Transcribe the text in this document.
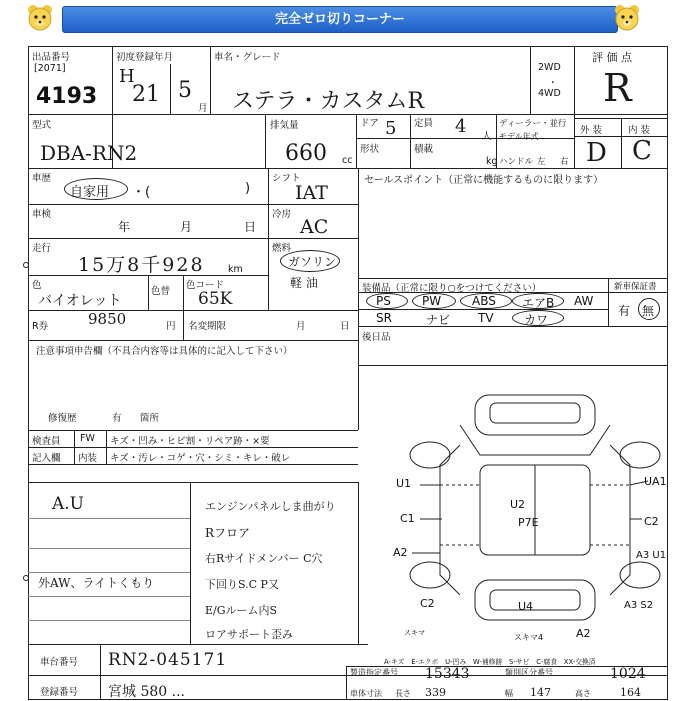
完全ゼロ切りコーナー
出品番号
[2071]
4193
初度登録年月
H
21 5
月
車名・グレード
ステラ・カスタムR
2WD
・
4WD
評 価 点
R
型式
DBA-RN2
排気量
660 cc
ドア 5 定員 4 人
形状	積載
kg
ディーラー・並行
モデル年式
ハンドル 左 右
外 装	内 装
D C
車歴
自家用 ・(	)
シフト
IAT
セールスポイント（正常に機能するものに限ります）
車検
年	月	日
冷房
AC
走行
15万8千928 km
燃料
ガソリン
軽 油
色
バイオレット
色替
色コード
65K
装備品（正常に限り○をつけてください）	新車保証書
PS	PW	ABS エアB AW
SR	ナビ TV	カワ
有 無
後日品
R券	9850	円 名変期限	月	日
注意事項申告欄（不具合内容等は具体的に記入して下さい）
修復歴	有 箇所
検査員 FW キズ・凹み・ヒビ割・リペア跡・×要
記入欄 内装 キズ・汚レ・コゲ・穴・シミ・キレ・破レ
A.U
外AW、ライトくもり
エンジンパネルしま曲がり
Rフロア
右Rサイドメンバー C穴
下回りS.C P又
E/Gルーム内S
ロアサポート歪み
U1
C1
A2
C2
UA1
C2
A3 U1
A3 S2
U2
P7E
U4
A2
スキマ	スキマ4
A-キズ　E-エクボ　U-凹み　W-補修跡　S-サビ　C-腐食　XX-交換済
車台番号 RN2-045171
登録番号 宮城 580 ...
製造指定番号 15343	類別区分番号	1024
車体寸法 長さ 339	幅 147	高さ	164
